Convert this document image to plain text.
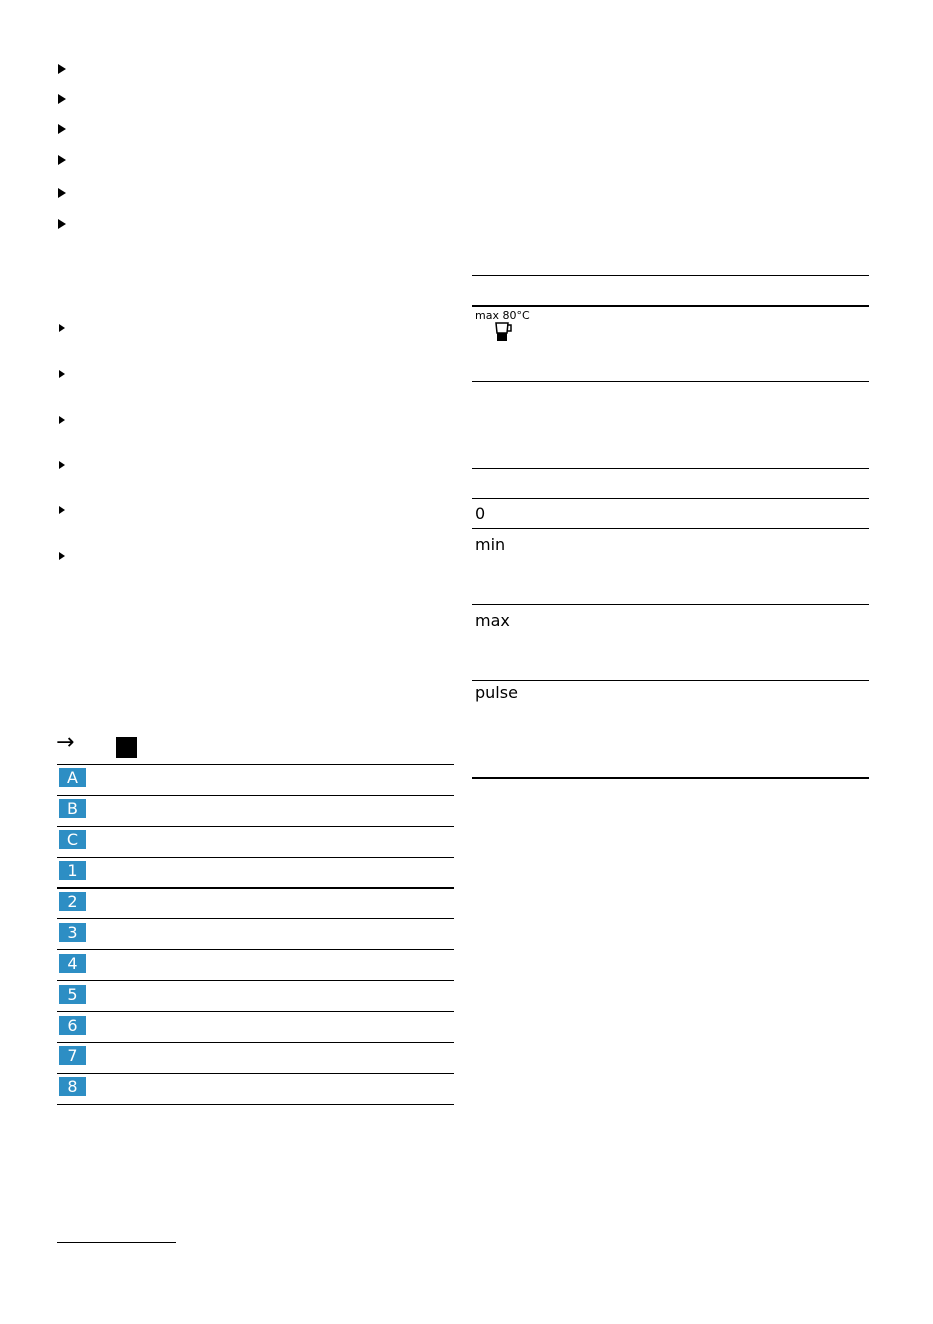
max 80°C
0
min
max
pulse
→
A
B
C
1
2
3
4
5
6
7
8
